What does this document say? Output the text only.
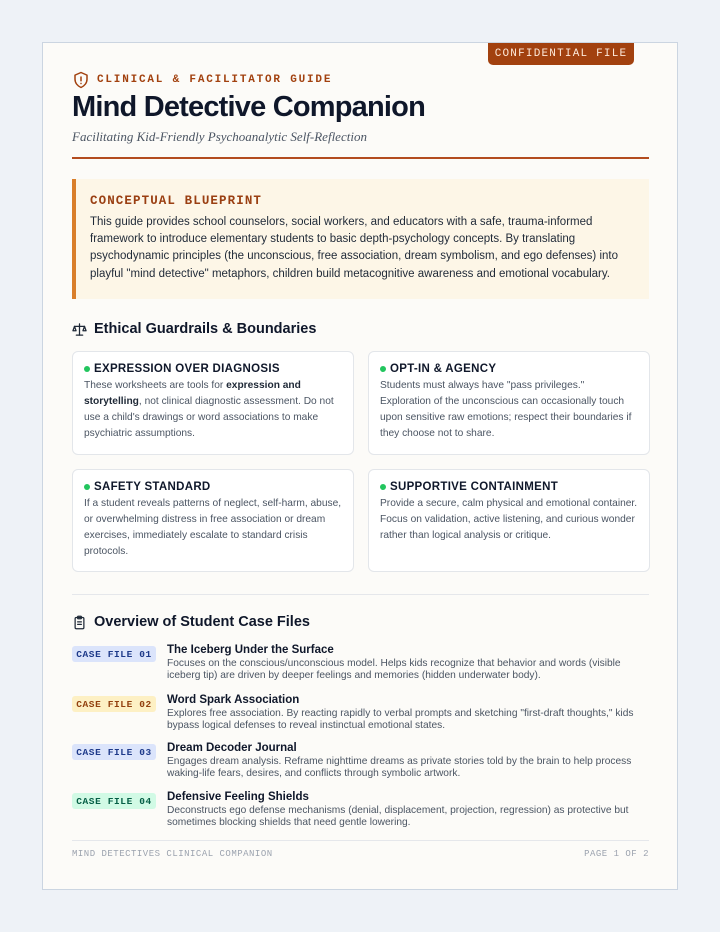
CONFIDENTIAL FILE
CLINICAL & FACILITATOR GUIDE
Mind Detective Companion
Facilitating Kid-Friendly Psychoanalytic Self-Reflection
CONCEPTUAL BLUEPRINT

This guide provides school counselors, social workers, and educators with a safe, trauma-informed framework to introduce elementary students to basic depth-psychology concepts. By translating psychodynamic principles (the unconscious, free association, dream symbolism, and ego defenses) into playful "mind detective" metaphors, children build metacognitive awareness and emotional vocabulary.

Ethical Guardrails & Boundaries
EXPRESSION OVER DIAGNOSIS
These worksheets are tools for expression and storytelling, not clinical diagnostic assessment. Do not use a child's drawings or word associations to make psychiatric assumptions.
OPT-IN & AGENCY
Students must always have "pass privileges." Exploration of the unconscious can occasionally touch upon sensitive raw emotions; respect their boundaries if they choose not to share.
SAFETY STANDARD
If a student reveals patterns of neglect, self-harm, abuse, or overwhelming distress in free association or dream exercises, immediately escalate to standard crisis protocols.
SUPPORTIVE CONTAINMENT
Provide a secure, calm physical and emotional container. Focus on validation, active listening, and curious wonder rather than logical analysis or critique.
Overview of Student Case Files
CASE FILE 01	The Iceberg Under the Surface
Focuses on the conscious/unconscious model. Helps kids recognize that behavior and words (visible iceberg tip) are driven by deeper feelings and memories (hidden underwater body).
CASE FILE 02	Word Spark Association
Explores free association. By reacting rapidly to verbal prompts and sketching "first-draft thoughts," kids bypass logical defenses to reveal instinctual emotional states.
CASE FILE 03	Dream Decoder Journal
Engages dream analysis. Reframe nighttime dreams as private stories told by the brain to help process waking-life fears, desires, and conflicts through symbolic artwork.
CASE FILE 04	Defensive Feeling Shields
Deconstructs ego defense mechanisms (denial, displacement, projection, regression) as protective but sometimes blocking shields that need gentle lowering.
MIND DETECTIVES CLINICAL COMPANION	PAGE 1 OF 2
